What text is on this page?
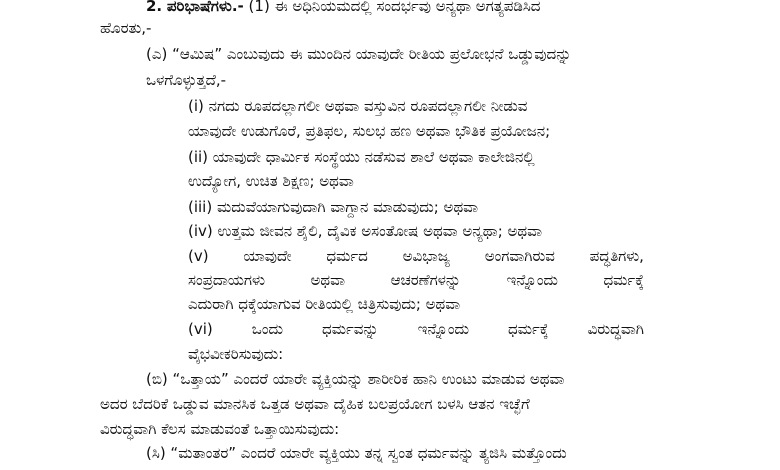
2. ಪರಿಭಾಷೆಗಳು.- (1) ಈ ಅಧಿನಿಯಮದಲ್ಲಿ ಸಂದರ್ಭವು ಅನ್ಯಥಾ ಅಗತ್ಯಪಡಿಸಿದ
ಹೊರತು,-
(ಎ) “ಆಮಿಷ” ಎಂಬುವುದು ಈ ಮುಂದಿನ ಯಾವುದೇ ರೀತಿಯ ಪ್ರಲೋಭನೆ ಒಡ್ಡುವುದನ್ನು
ಒಳಗೊಳ್ಳುತ್ತದೆ,-
(i) ನಗದು ರೂಪದಲ್ಲಾಗಲೀ ಅಥವಾ ವಸ್ತುವಿನ ರೂಪದಲ್ಲಾಗಲೀ ನೀಡುವ
ಯಾವುದೇ ಉಡುಗೊರೆ, ಪ್ರತಿಫಲ, ಸುಲಭ ಹಣ ಅಥವಾ ಭೌತಿಕ ಪ್ರಯೋಜನ;
(ii) ಯಾವುದೇ ಧಾರ್ಮಿಕ ಸಂಸ್ಥೆಯು ನಡೆಸುವ ಶಾಲೆ ಅಥವಾ ಕಾಲೇಜಿನಲ್ಲಿ
ಉದ್ಯೋಗ, ಉಚಿತ ಶಿಕ್ಷಣ; ಅಥವಾ
(iii) ಮದುವೆಯಾಗುವುದಾಗಿ ವಾಗ್ದಾನ ಮಾಡುವುದು; ಅಥವಾ
(iv) ಉತ್ತಮ ಜೀವನ ಶೈಲಿ, ದೈವಿಕ ಅಸಂತೋಷ ಅಥವಾ ಅನ್ಯಥಾ; ಅಥವಾ
(v) ಯಾವುದೇ ಧರ್ಮದ ಅವಿಭಾಜ್ಯ ಅಂಗವಾಗಿರುವ ಪದ್ಧತಿಗಳು,
ಸಂಪ್ರದಾಯಗಳು	ಅಥವಾ	ಆಚರಣೆಗಳನ್ನು	ಇನ್ನೊಂದು	ಧರ್ಮಕ್ಕೆ
ಎದುರಾಗಿ ಧಕ್ಕೆಯಾಗುವ ರೀತಿಯಲ್ಲಿ ಚಿತ್ರಿಸುವುದು; ಅಥವಾ
(vi)	ಒಂದು	ಧರ್ಮವನ್ನು	ಇನ್ನೊಂದು	ಧರ್ಮಕ್ಕೆ	ವಿರುದ್ಧವಾಗಿ
ವೈಭವೀಕರಿಸುವುದು:
(ಬಿ) “ಒತ್ತಾಯ” ಎಂದರೆ ಯಾರೇ ವ್ಯಕ್ತಿಯನ್ನು ಶಾರೀರಿಕ ಹಾನಿ ಉಂಟು ಮಾಡುವ ಅಥವಾ
ಅದರ ಬೆದರಿಕೆ ಒಡ್ಡುವ ಮಾನಸಿಕ ಒತ್ತಡ ಅಥವಾ ದೈಹಿಕ ಬಲಪ್ರಯೋಗ ಬಳಸಿ ಆತನ ಇಚ್ಛೆಗೆ
ವಿರುದ್ಧವಾಗಿ ಕೆಲಸ ಮಾಡುವಂತೆ ಒತ್ತಾಯಿಸುವುದು:
(ಸಿ) “ಮತಾಂತರ” ಎಂದರೆ ಯಾರೇ ವ್ಯಕ್ತಿಯು ತನ್ನ ಸ್ವಂತ ಧರ್ಮವನ್ನು ತ್ಯಜಿಸಿ ಮತ್ತೊಂದು
